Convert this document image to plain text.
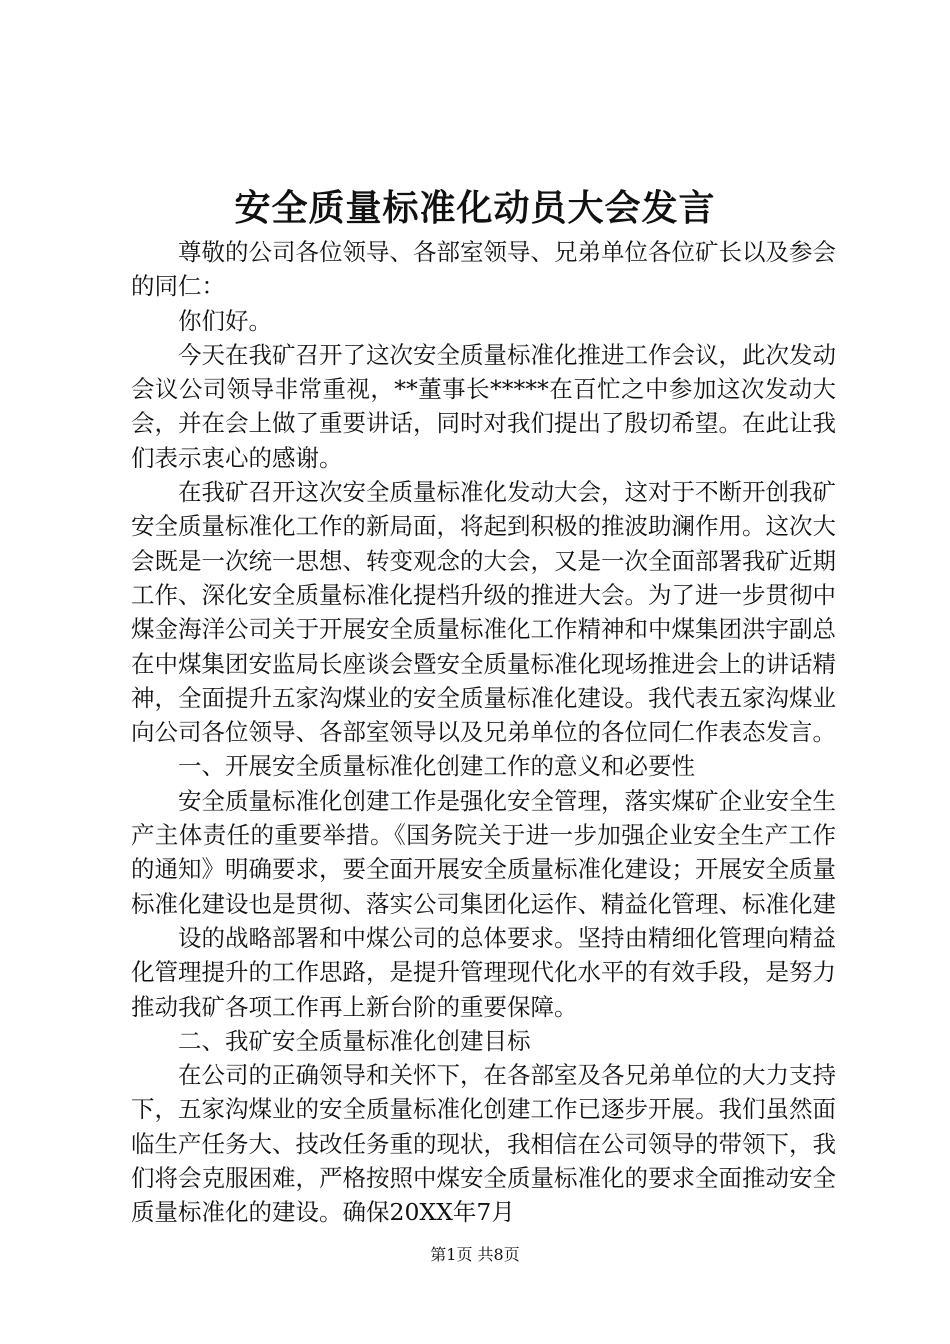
安全质量标准化动员大会发言

尊敬的公司各位领导、各部室领导、兄弟单位各位矿长以及参会的同仁：

你们好。

今天在我矿召开了这次安全质量标准化推进工作会议，此次发动会议公司领导非常重视，**董事长*****在百忙之中参加这次发动大会，并在会上做了重要讲话，同时对我们提出了殷切希望。在此让我们表示衷心的感谢。

在我矿召开这次安全质量标准化发动大会，这对于不断开创我矿安全质量标准化工作的新局面，将起到积极的推波助澜作用。这次大会既是一次统一思想、转变观念的大会，又是一次全面部署我矿近期工作、深化安全质量标准化提档升级的推进大会。为了进一步贯彻中煤金海洋公司关于开展安全质量标准化工作精神和中煤集团洪宇副总在中煤集团安监局长座谈会暨安全质量标准化现场推进会上的讲话精神，全面提升五家沟煤业的安全质量标准化建设。我代表五家沟煤业向公司各位领导、各部室领导以及兄弟单位的各位同仁作表态发言。

一、开展安全质量标准化创建工作的意义和必要性

安全质量标准化创建工作是强化安全管理，落实煤矿企业安全生产主体责任的重要举措。《国务院关于进一步加强企业安全生产工作的通知》明确要求，要全面开展安全质量标准化建设；开展安全质量标准化建设也是贯彻、落实公司集团化运作、精益化管理、标准化建

设的战略部署和中煤公司的总体要求。坚持由精细化管理向精益化管理提升的工作思路，是提升管理现代化水平的有效手段，是努力推动我矿各项工作再上新台阶的重要保障。

二、我矿安全质量标准化创建目标

在公司的正确领导和关怀下，在各部室及各兄弟单位的大力支持下，五家沟煤业的安全质量标准化创建工作已逐步开展。我们虽然面临生产任务大、技改任务重的现状，我相信在公司领导的带领下，我们将会克服困难，严格按照中煤安全质量标准化的要求全面推动安全质量标准化的建设。确保20XX年7月

第1页 共8页
